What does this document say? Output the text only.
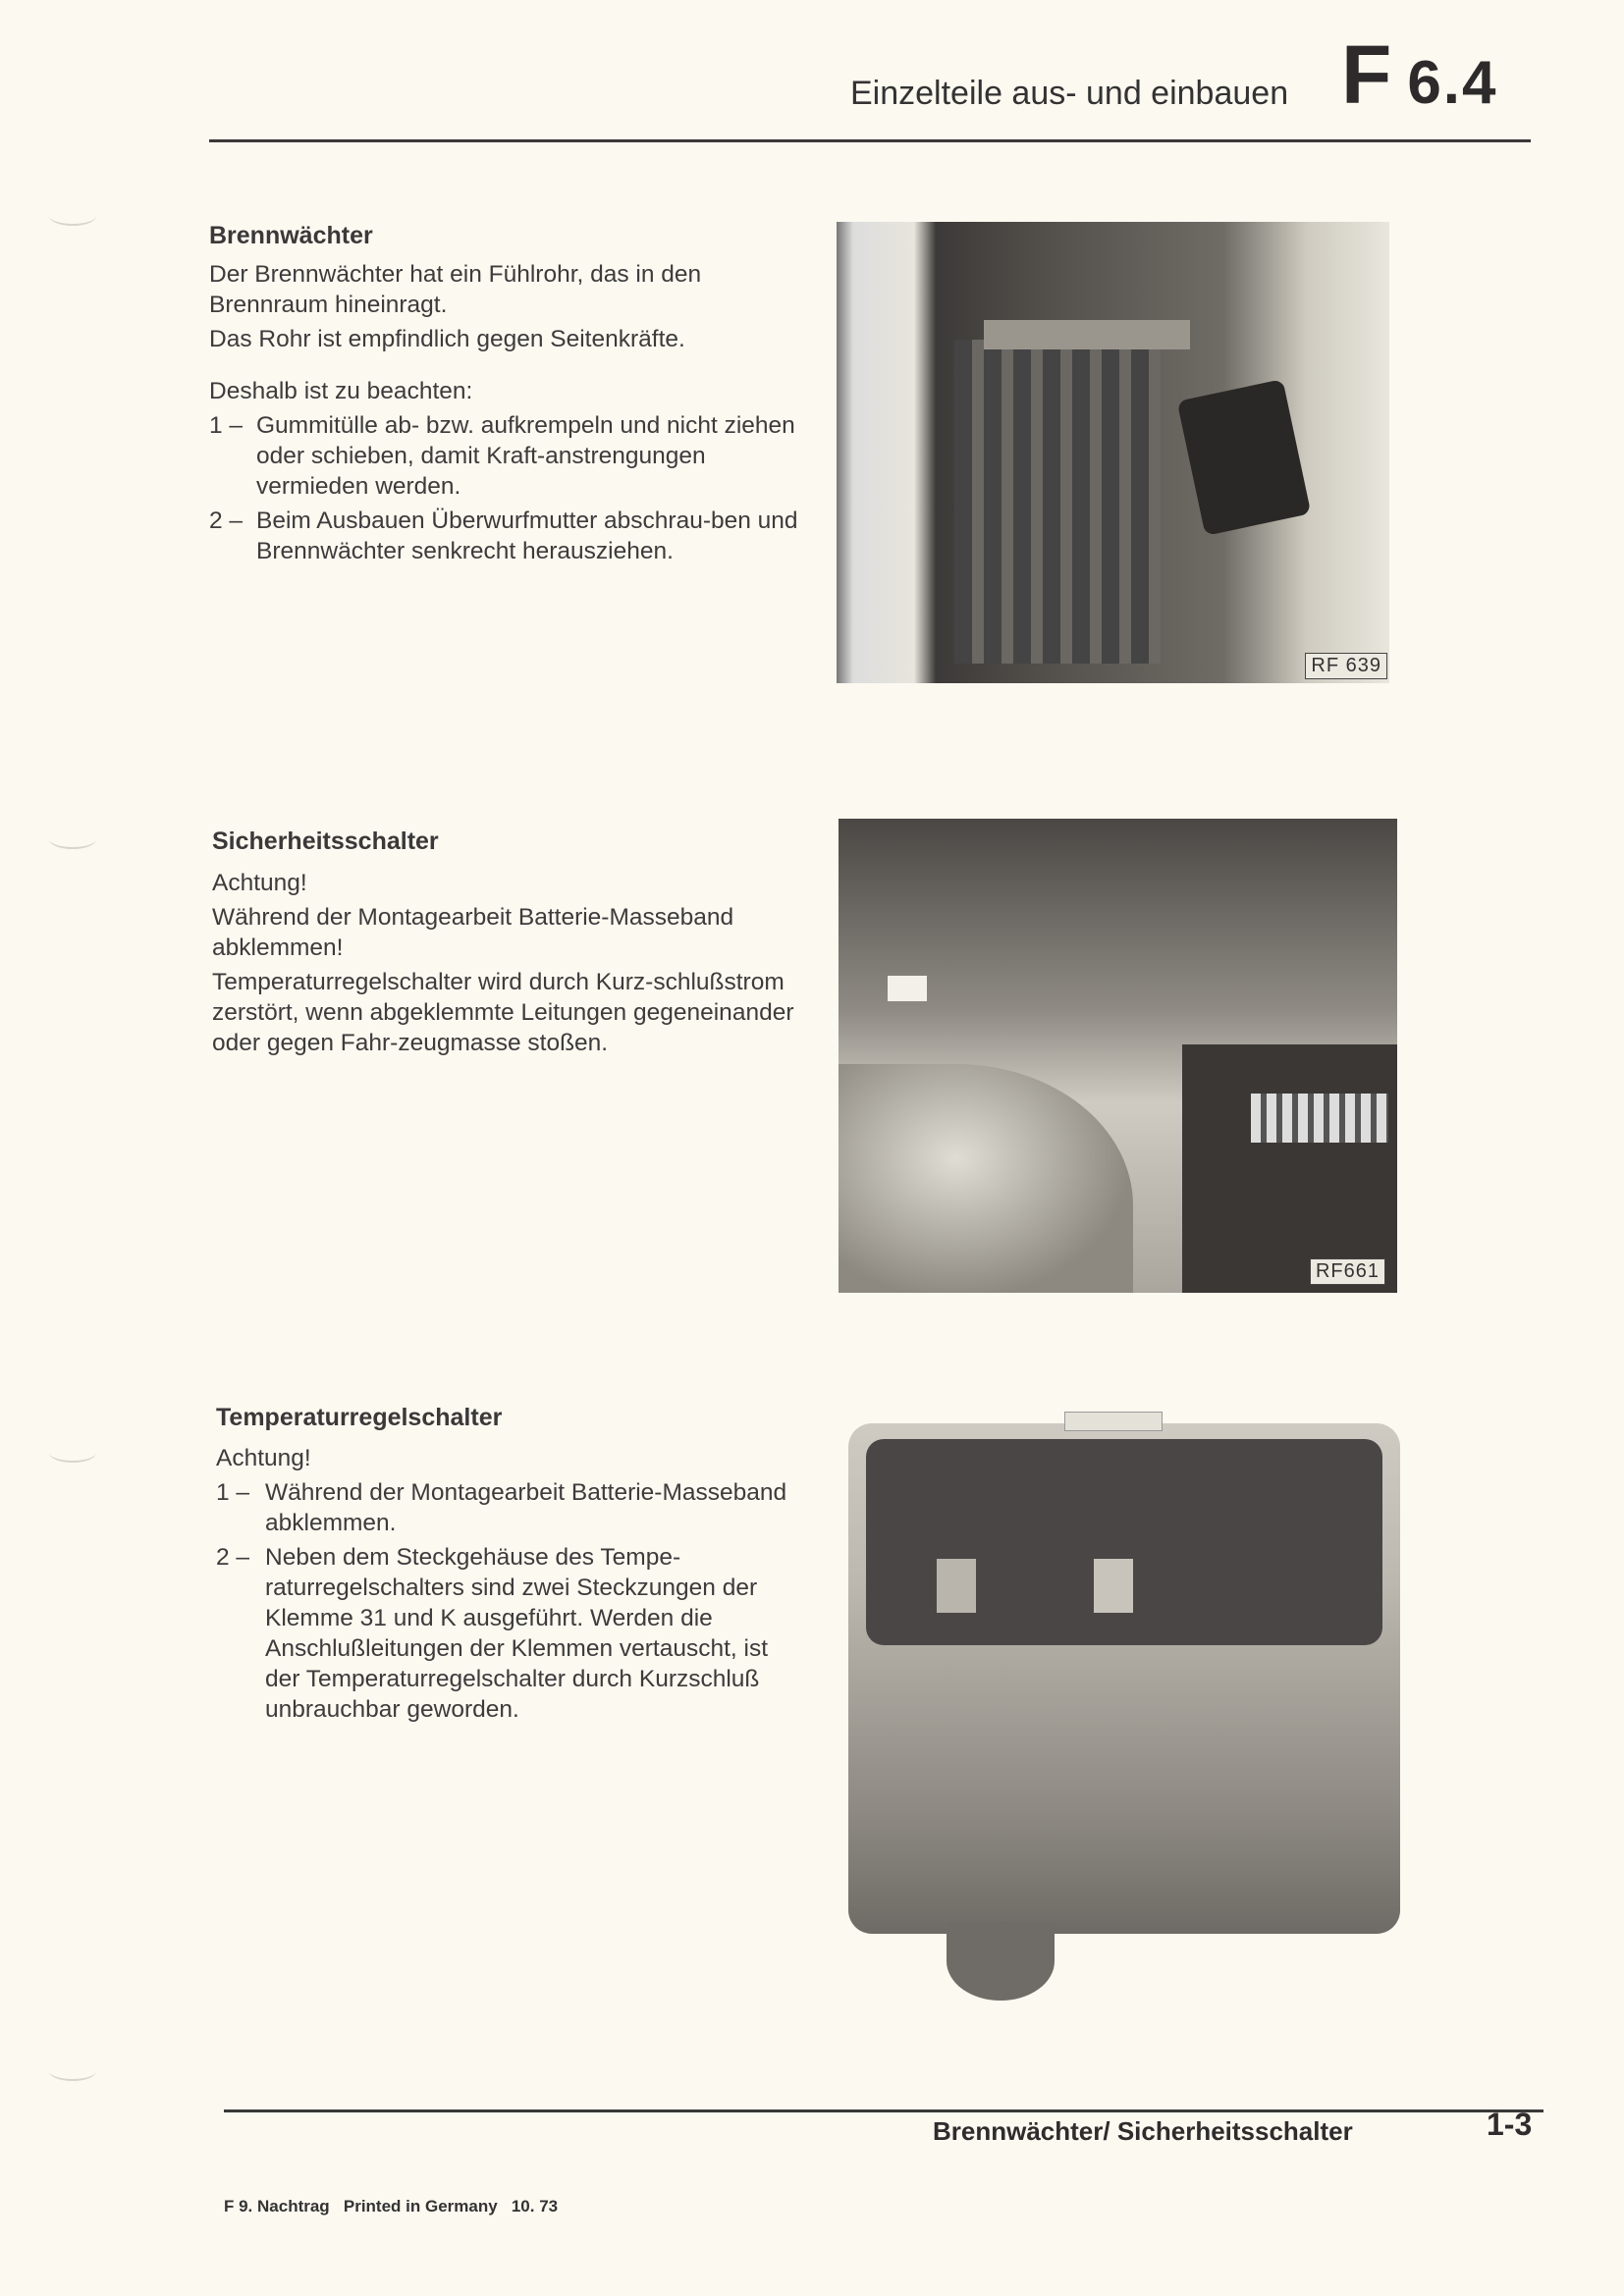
Einzelteile aus- und einbauen F 6.4
Brennwächter

Der Brennwächter hat ein Fühlrohr, das in den Brennraum hineinragt.

Das Rohr ist empfindlich gegen Seitenkräfte.

Deshalb ist zu beachten:

1 – Gummitülle ab- bzw. aufkrempeln und nicht ziehen oder schieben, damit Kraft-anstrengungen vermieden werden.
2 – Beim Ausbauen Überwurfmutter abschrau-ben und Brennwächter senkrecht herausziehen.
RF 639
Sicherheitsschalter

Achtung!

Während der Montagearbeit Batterie-Masseband abklemmen!

Temperaturregelschalter wird durch Kurz-schlußstrom zerstört, wenn abgeklemmte Leitungen gegeneinander oder gegen Fahr-zeugmasse stoßen.

RF661
Temperaturregelschalter

Achtung!

1 – Während der Montagearbeit Batterie-Masseband abklemmen.
2 – Neben dem Steckgehäuse des Tempe-raturregelschalters sind zwei Steckzungen der Klemme 31 und K ausgeführt. Werden die Anschlußleitungen der Klemmen vertauscht, ist der Temperaturregelschalter durch Kurzschluß unbrauchbar geworden.
Brennwächter/ Sicherheitsschalter	1-3
F 9. Nachtrag   Printed in Germany   10. 73
